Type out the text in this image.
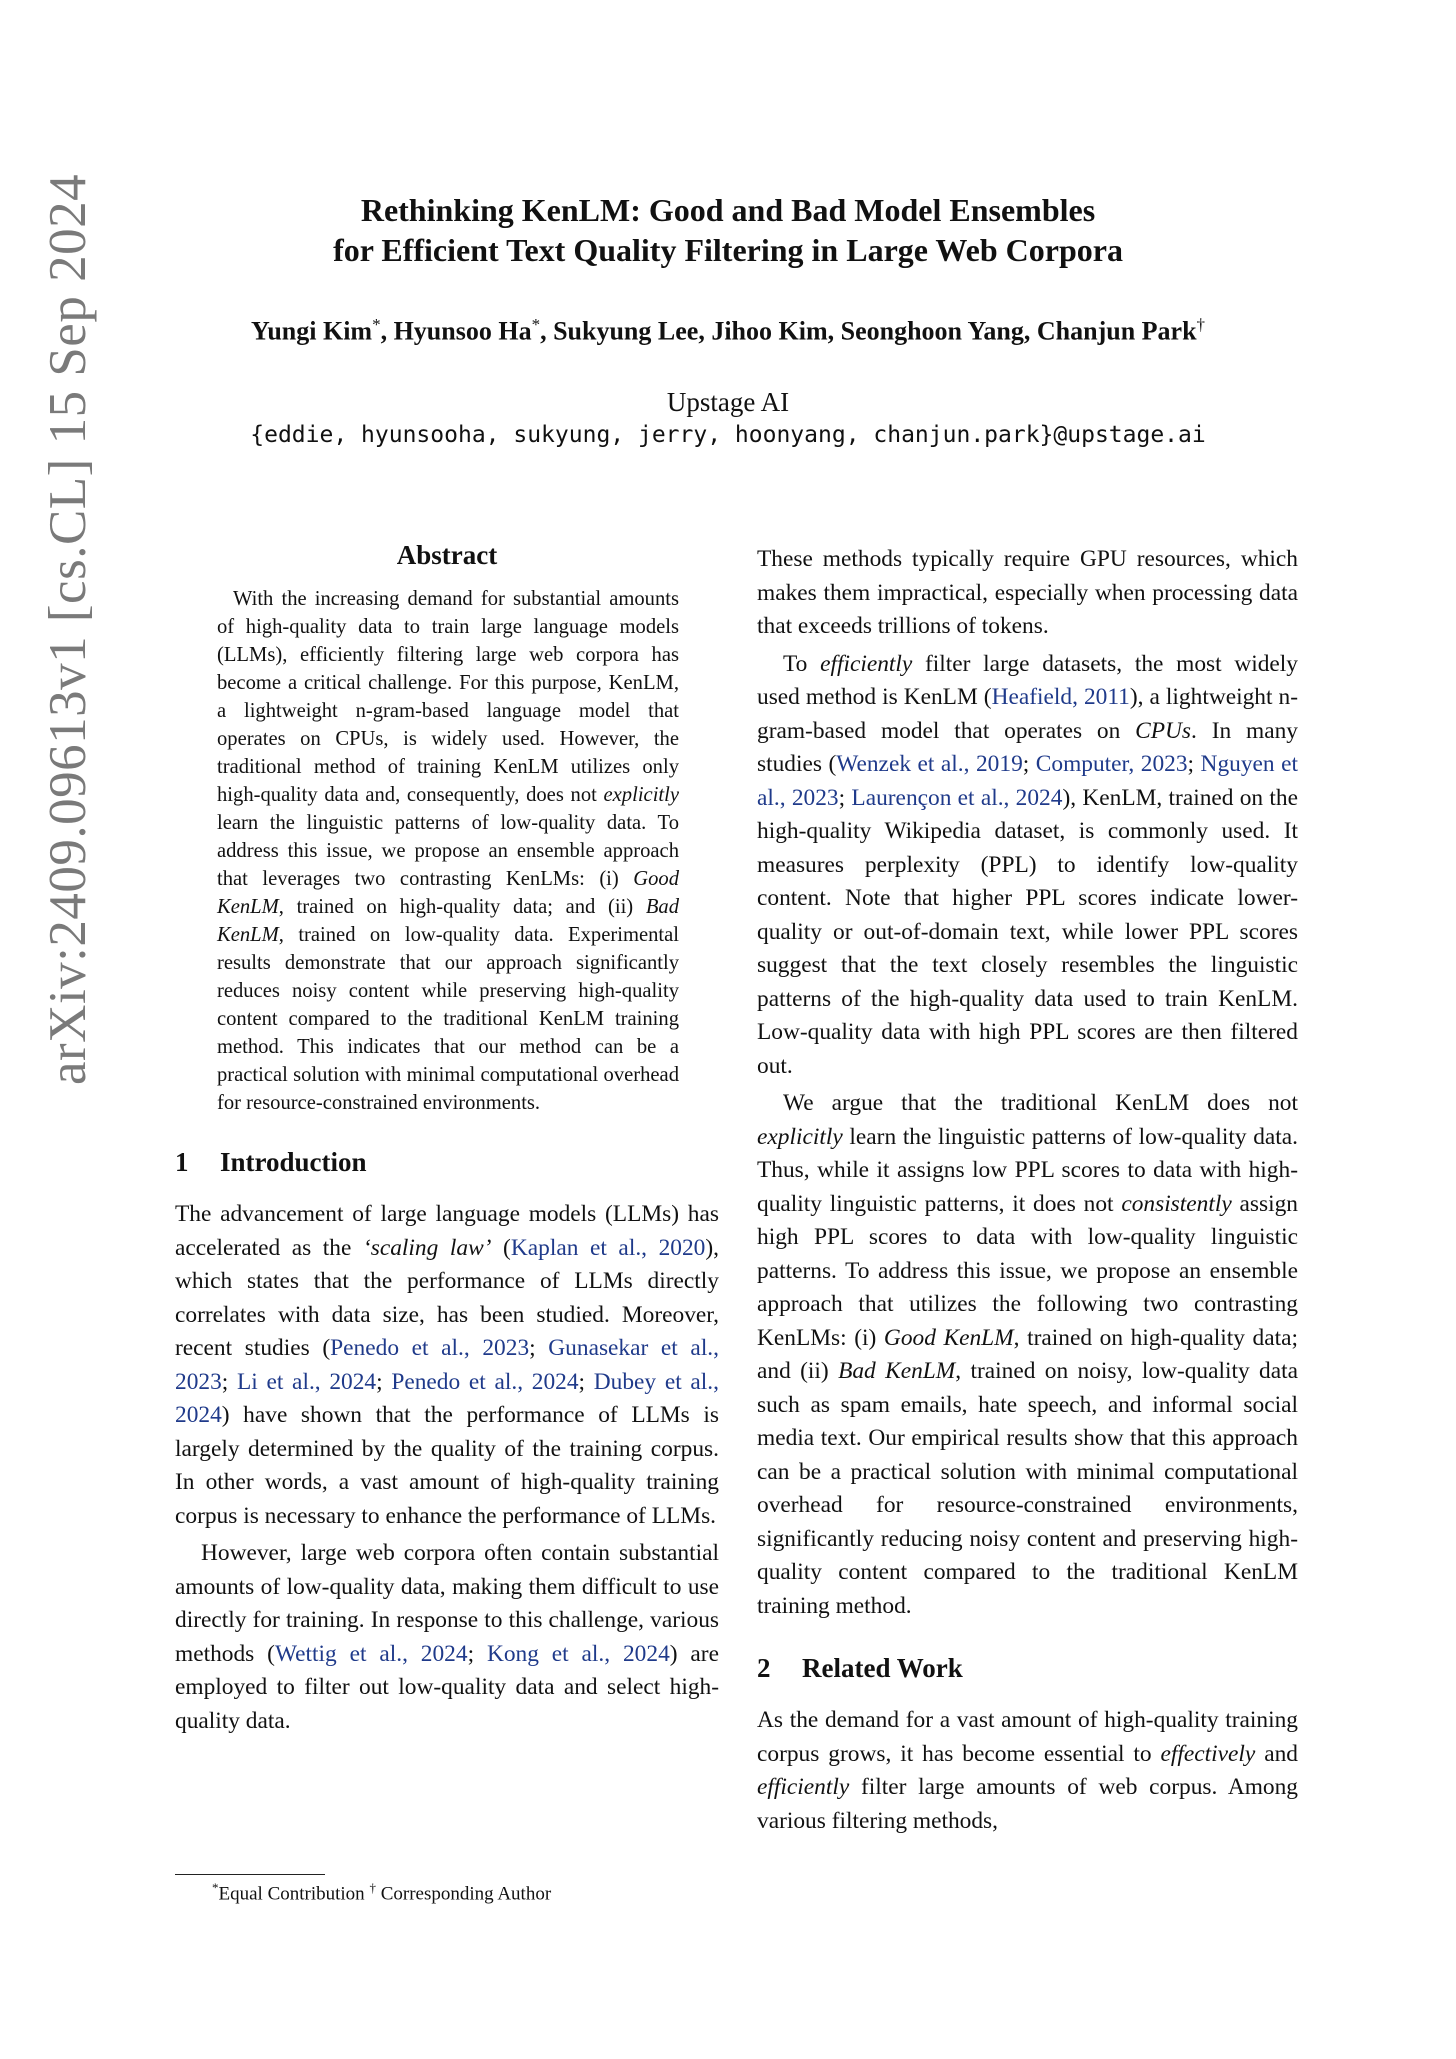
arXiv:2409.09613v1 [cs.CL] 15 Sep 2024	Rethinking KenLM: Good and Bad Model Ensembles
for Efficient Text Quality Filtering in Large Web Corpora
Yungi Kim*, Hyunsoo Ha*, Sukyung Lee, Jihoo Kim, Seonghoon Yang, Chanjun Park†
Upstage AI
{eddie, hyunsooha, sukyung, jerry, hoonyang, chanjun.park}@upstage.ai
Abstract

With the increasing demand for substantial amounts of high-quality data to train large language models (LLMs), efficiently filtering large web corpora has become a critical challenge. For this purpose, KenLM, a lightweight n-gram-based language model that operates on CPUs, is widely used. However, the traditional method of training KenLM utilizes only high-quality data and, consequently, does not explicitly learn the linguistic patterns of low-quality data. To address this issue, we propose an ensemble approach that leverages two contrasting KenLMs: (i) Good KenLM, trained on high-quality data; and (ii) Bad KenLM, trained on low-quality data. Experimental results demonstrate that our approach significantly reduces noisy content while preserving high-quality content compared to the traditional KenLM training method. This indicates that our method can be a practical solution with minimal computational overhead for resource-constrained environments.

1	Introduction

The advancement of large language models (LLMs) has accelerated as the ‘scaling law’ (Kaplan et al., 2020), which states that the performance of LLMs directly correlates with data size, has been studied. Moreover, recent studies (Penedo et al., 2023; Gunasekar et al., 2023; Li et al., 2024; Penedo et al., 2024; Dubey et al., 2024) have shown that the performance of LLMs is largely determined by the quality of the training corpus. In other words, a vast amount of high-quality training corpus is necessary to enhance the performance of LLMs.

However, large web corpora often contain substantial amounts of low-quality data, making them difficult to use directly for training. In response to this challenge, various methods (Wettig et al., 2024; Kong et al., 2024) are employed to filter out low-quality data and select high-quality data.

These methods typically require GPU resources, which makes them impractical, especially when processing data that exceeds trillions of tokens.

To efficiently filter large datasets, the most widely used method is KenLM (Heafield, 2011), a lightweight n-gram-based model that operates on CPUs. In many studies (Wenzek et al., 2019; Computer, 2023; Nguyen et al., 2023; Laurençon et al., 2024), KenLM, trained on the high-quality Wikipedia dataset, is commonly used. It measures perplexity (PPL) to identify low-quality content. Note that higher PPL scores indicate lower-quality or out-of-domain text, while lower PPL scores suggest that the text closely resembles the linguistic patterns of the high-quality data used to train KenLM. Low-quality data with high PPL scores are then filtered out.

We argue that the traditional KenLM does not explicitly learn the linguistic patterns of low-quality data. Thus, while it assigns low PPL scores to data with high-quality linguistic patterns, it does not consistently assign high PPL scores to data with low-quality linguistic patterns. To address this issue, we propose an ensemble approach that utilizes the following two contrasting KenLMs: (i) Good KenLM, trained on high-quality data; and (ii) Bad KenLM, trained on noisy, low-quality data such as spam emails, hate speech, and informal social media text. Our empirical results show that this approach can be a practical solution with minimal computational overhead for resource-constrained environments, significantly reducing noisy content and preserving high-quality content compared to the traditional KenLM training method.

2	Related Work

As the demand for a vast amount of high-quality training corpus grows, it has become essential to effectively and efficiently filter large amounts of web corpus. Among various filtering methods,

*Equal Contribution † Corresponding Author
